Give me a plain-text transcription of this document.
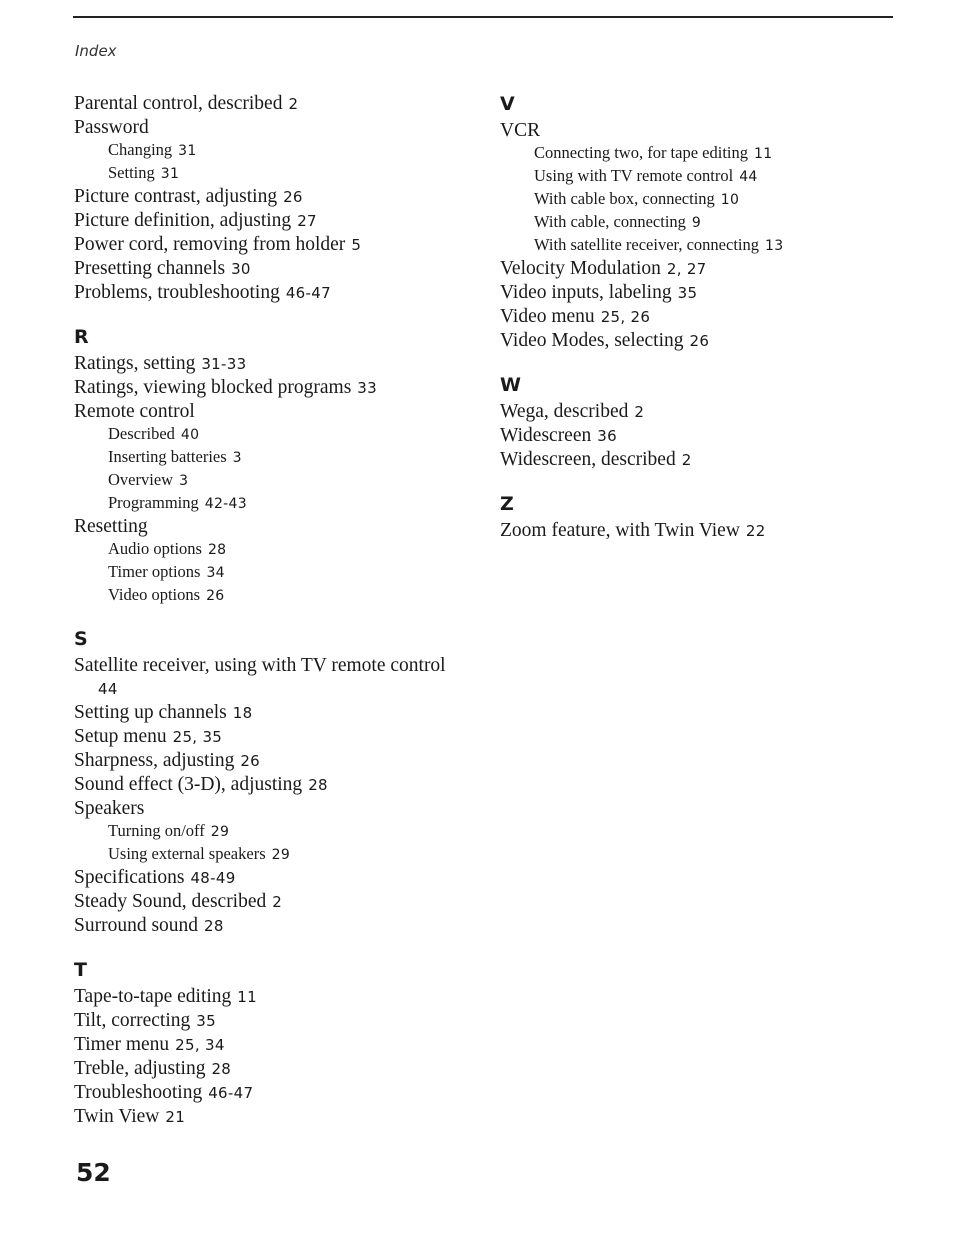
Index
Parental control, described 2
Password
Changing 31
Setting 31
Picture contrast, adjusting 26
Picture definition, adjusting 27
Power cord, removing from holder 5
Presetting channels 30
Problems, troubleshooting 46-47
R
Ratings, setting 31-33
Ratings, viewing blocked programs 33
Remote control
Described 40
Inserting batteries 3
Overview 3
Programming 42-43
Resetting
Audio options 28
Timer options 34
Video options 26
S
Satellite receiver, using with TV remote control
44
Setting up channels 18
Setup menu 25, 35
Sharpness, adjusting 26
Sound effect (3-D), adjusting 28
Speakers
Turning on/off 29
Using external speakers 29
Specifications 48-49
Steady Sound, described 2
Surround sound 28
T
Tape-to-tape editing 11
Tilt, correcting 35
Timer menu 25, 34
Treble, adjusting 28
Troubleshooting 46-47
Twin View 21
V
VCR
Connecting two, for tape editing 11
Using with TV remote control 44
With cable box, connecting 10
With cable, connecting 9
With satellite receiver, connecting 13
Velocity Modulation 2, 27
Video inputs, labeling 35
Video menu 25, 26
Video Modes, selecting 26
W
Wega, described 2
Widescreen 36
Widescreen, described 2
Z
Zoom feature, with Twin View 22
52
